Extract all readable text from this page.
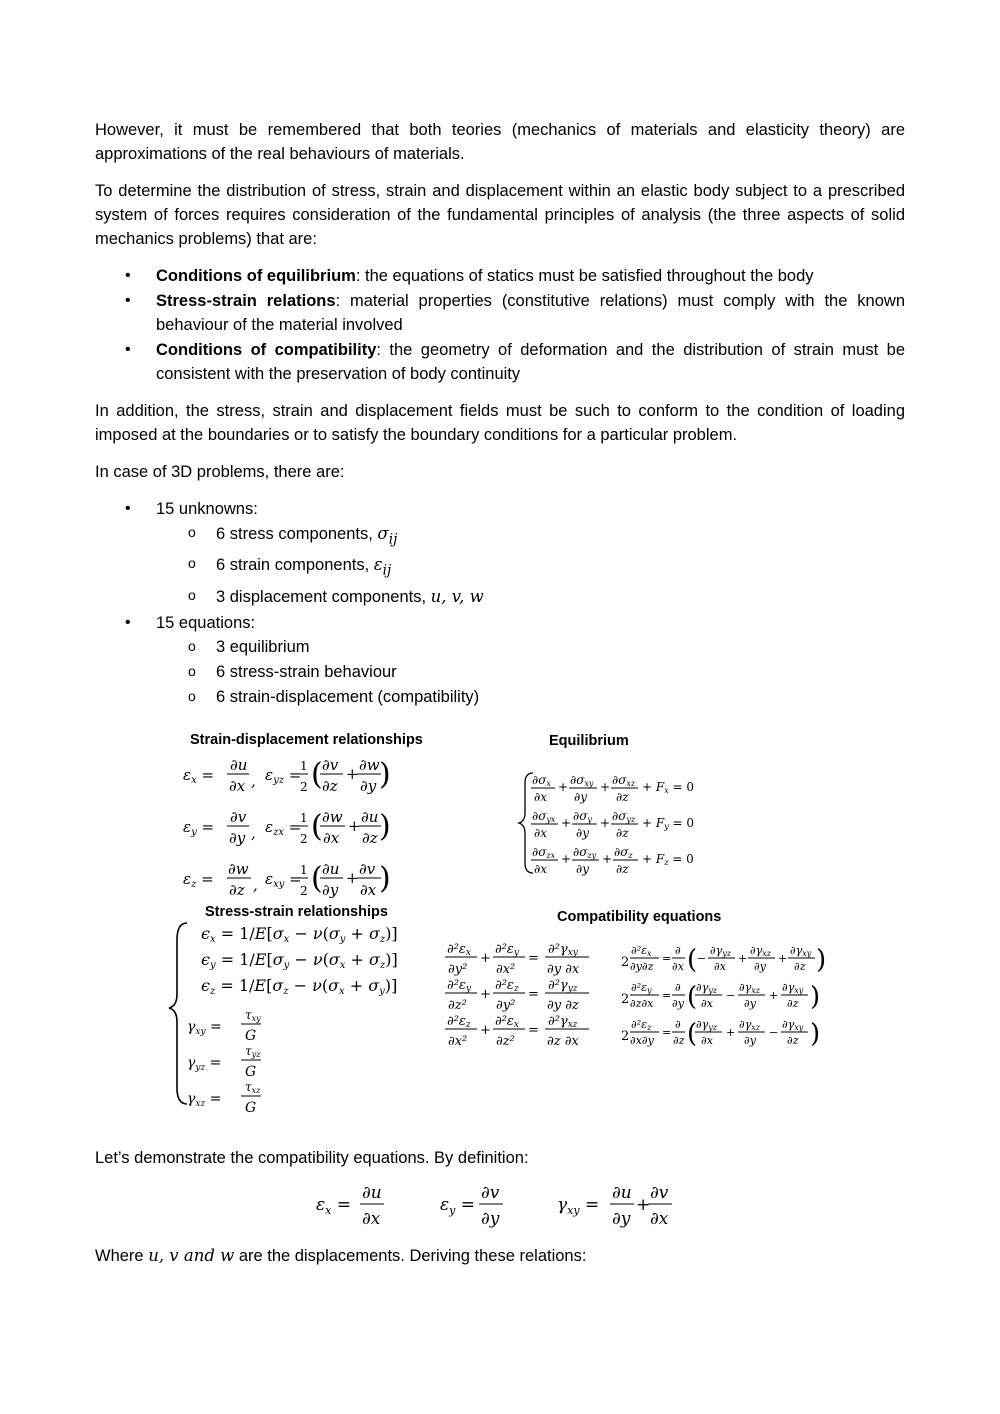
However, it must be remembered that both teories (mechanics of materials and elasticity theory) are approximations of the real behaviours of materials.

To determine the distribution of stress, strain and displacement within an elastic body subject to a prescribed system of forces requires consideration of the fundamental principles of analysis (the three aspects of solid mechanics problems) that are:

• Conditions of equilibrium: the equations of statics must be satisfied throughout the body
• Stress-strain relations: material properties (constitutive relations) must comply with the known behaviour of the material involved
• Conditions of compatibility: the geometry of deformation and the distribution of strain must be consistent with the preservation of body continuity

In addition, the stress, strain and displacement fields must be such to conform to the condition of loading imposed at the boundaries or to satisfy the boundary conditions for a particular problem.

In case of 3D problems, there are:

• 15 unknowns:
o 6 stress components, $\sigma_{ij}$
o 6 strain components, $\varepsilon_{ij}$
o 3 displacement components, u, v, w
• 15 equations:
o 3 equilibrium
o 6 stress-strain behaviour
o 6 strain-displacement (compatibility)
Strain-displacement relationships	Equilibrium
Stress-strain relationships	Compatibility equations
$\varepsilon_x$ =
∂u
∂x , $\varepsilon_{yz}$ =
1
2 ( ∂v
∂z
+ ∂w
∂y )
$\varepsilon_y$ =
∂v
∂y , $\varepsilon_{zx}$ =
1
2 ( ∂w
∂x
+ ∂u
∂z )
$\varepsilon_z$ =
∂w
∂z , $\varepsilon_{xy}$ =
1
2 ( ∂u
∂y
+ ∂v
∂x )
∂σx
∂x
+ ∂σxy
∂y
+ ∂σxz
∂z
+ Fx = 0
∂σyx
∂x
+ ∂σy
∂y
+ ∂σyz
∂z
+ Fy = 0
∂σzx
∂x
+ ∂σzy
∂y
+ ∂σz
∂z
+ Fz = 0
ϵx = 1/E[σx − ν(σy + σz)]
ϵy = 1/E[σy − ν(σx + σz)]
ϵz = 1/E[σz − ν(σx + σy)]
$\gamma_{xy}$ =
τxy
G
$\gamma_{yz}$ =
τyz
G
$\gamma_{xz}$ =
τxz
G
∂²εx
∂y²
+
∂²εy
∂x²
=
∂²γxy
∂y ∂x
∂²εy
∂z²
+
∂²εz
∂y²
=
∂²γyz
∂y ∂z
∂²εz
∂x²
+
∂²εx
∂z²
=
∂²γxz
∂z ∂x
2
∂²εx
∂y∂z
=
∂
∂x ( −
∂γyz
∂x
+
∂γxz
∂y
+
∂γxy
∂z )
2
∂²εy
∂z∂x
=
∂
∂y (
∂γyz
∂x
−
∂γxz
∂y
+
∂γxy
∂z )
2
∂²εz
∂x∂y
=
∂
∂z (
∂γyz
∂x
+
∂γxz
∂y
−
∂γxy
∂z )
Let’s demonstrate the compatibility equations. By definition:
$\varepsilon_x$ =
∂u
∂x
$\varepsilon_y$ =
∂v
∂y
$\gamma_{xy}$ =
∂u
∂y
+
∂v
∂x
Where u, v and w are the displacements. Deriving these relations:
